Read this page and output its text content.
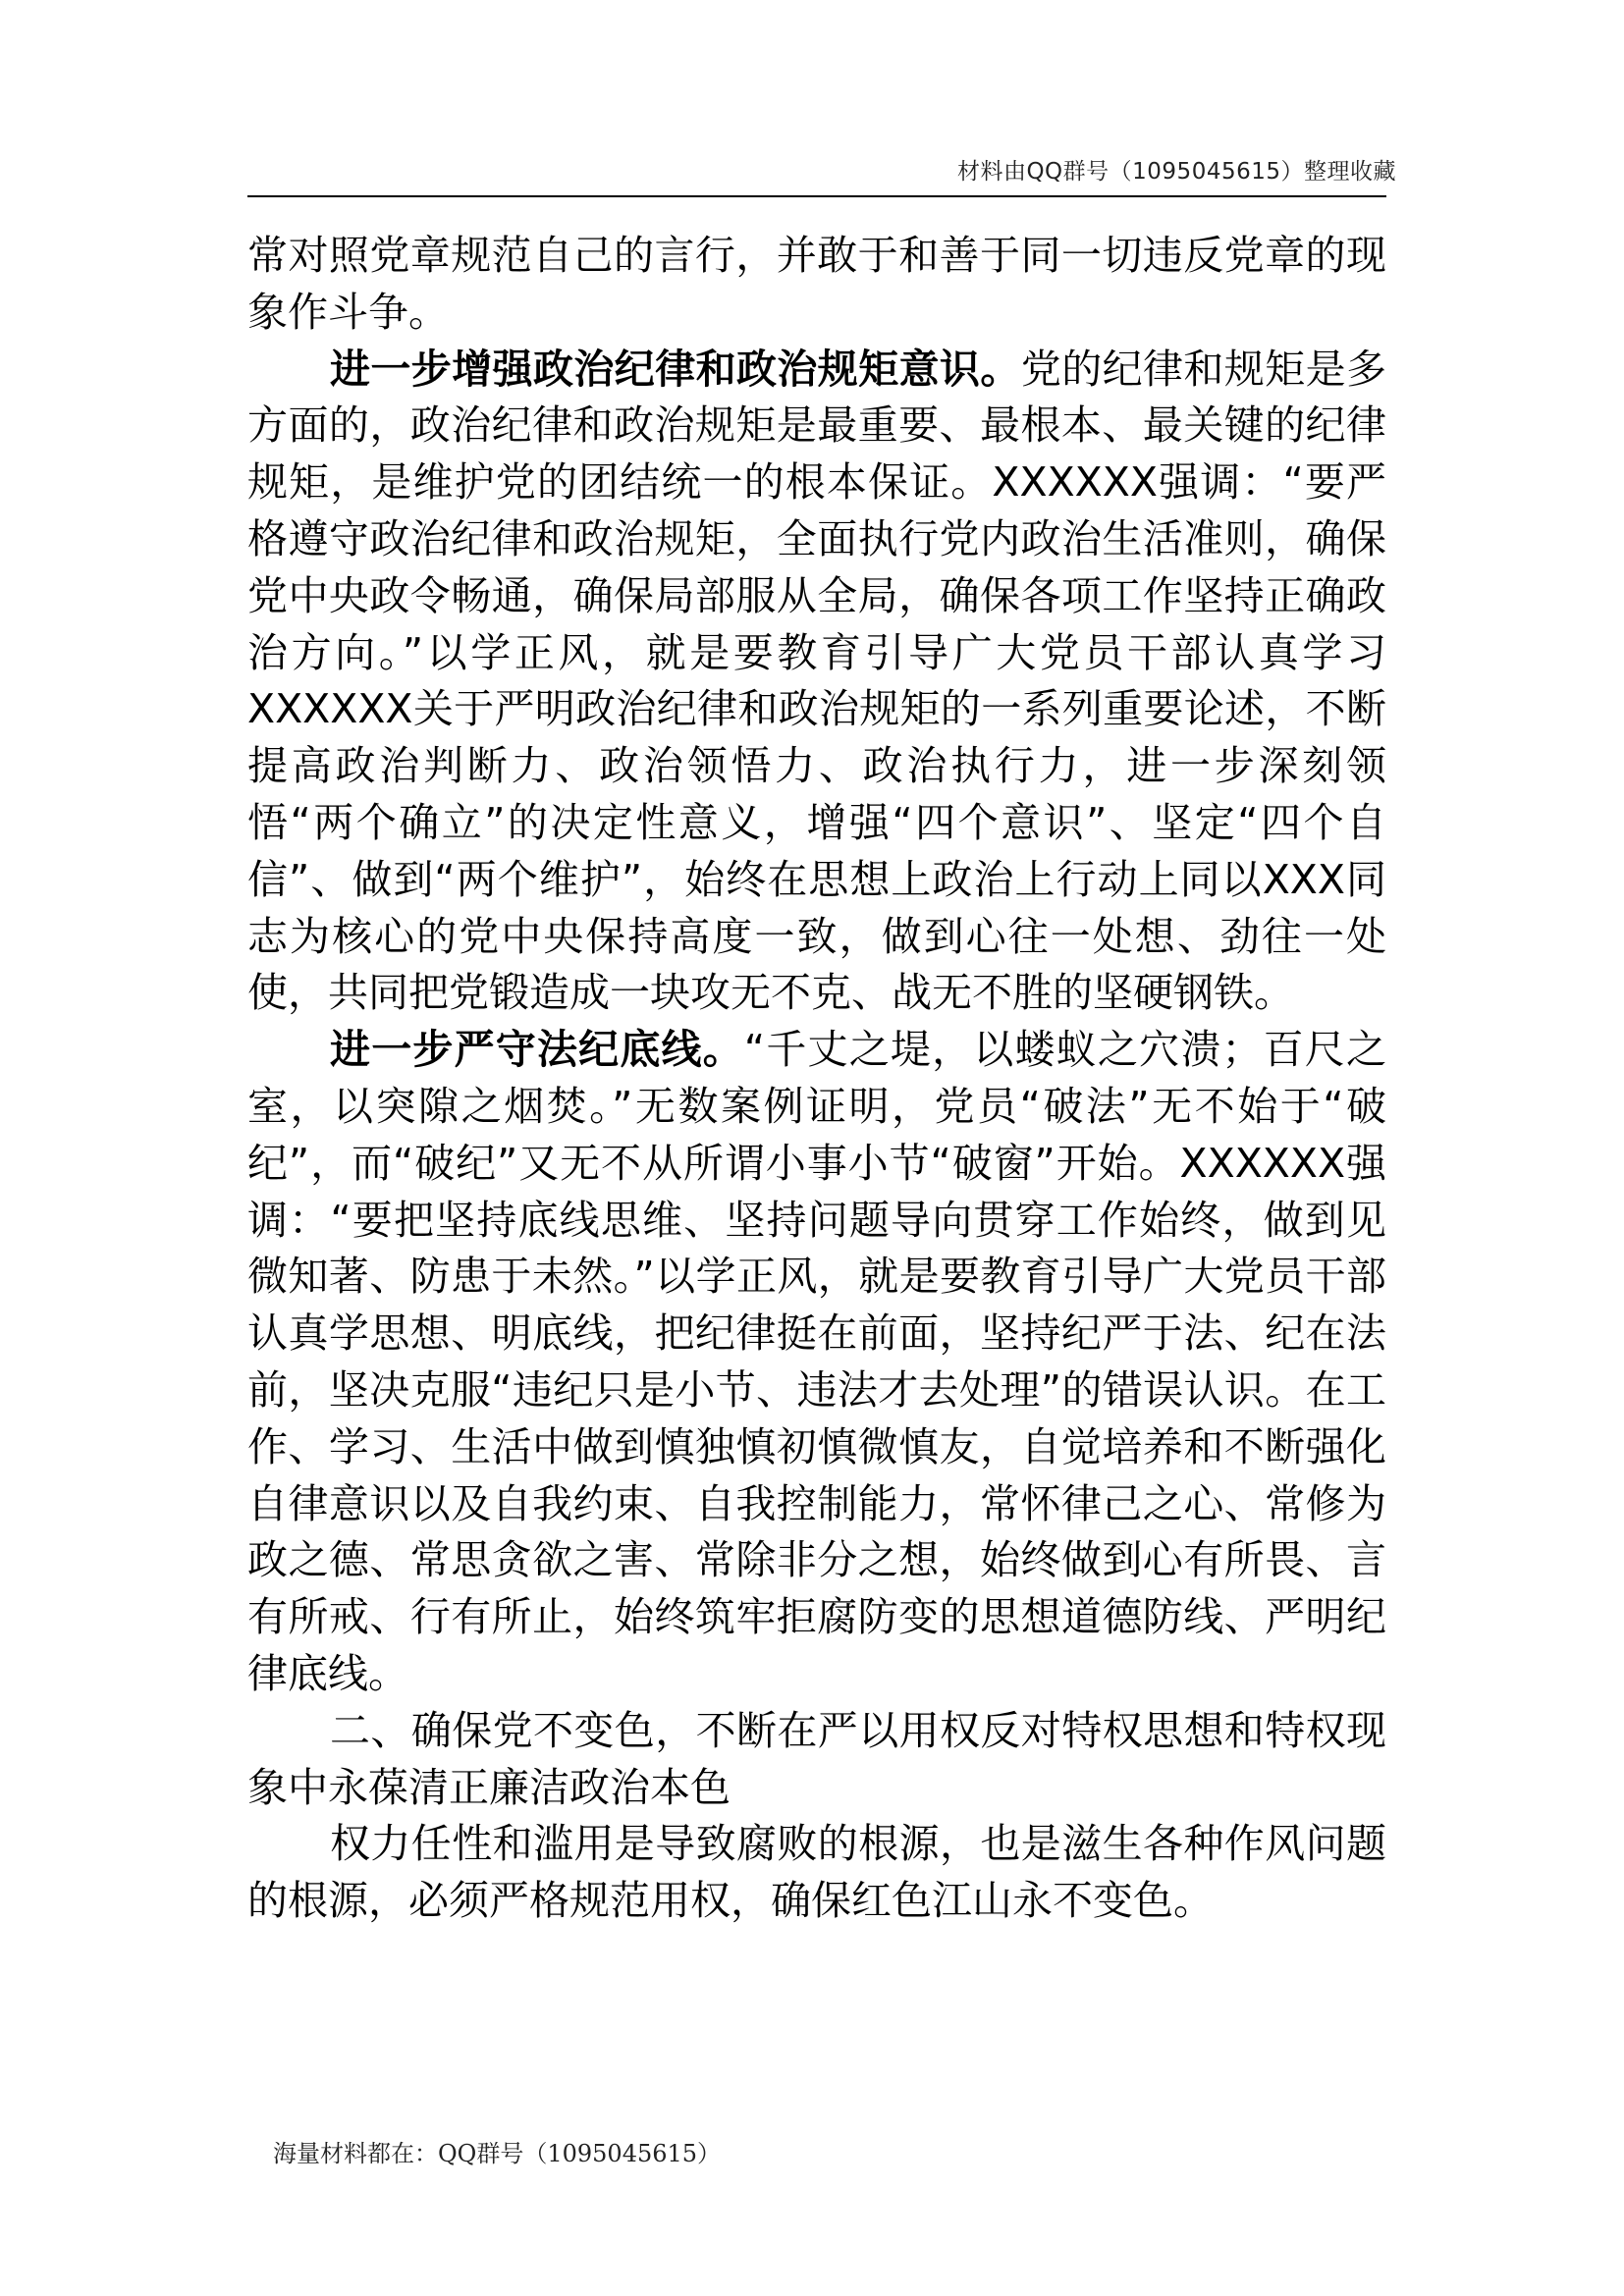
材料由QQ群号（1095045615）整理收藏

常对照党章规范自己的言行，并敢于和善于同一切违反党章的现象作斗争。

进一步增强政治纪律和政治规矩意识。党的纪律和规矩是多方面的，政治纪律和政治规矩是最重要、最根本、最关键的纪律规矩，是维护党的团结统一的根本保证。XXXXXX强调：“要严格遵守政治纪律和政治规矩，全面执行党内政治生活准则，确保党中央政令畅通，确保局部服从全局，确保各项工作坚持正确政治方向。”以学正风，就是要教育引导广大党员干部认真学习XXXXXX关于严明政治纪律和政治规矩的一系列重要论述，不断提高政治判断力、政治领悟力、政治执行力，进一步深刻领悟“两个确立”的决定性意义，增强“四个意识”、坚定“四个自信”、做到“两个维护”，始终在思想上政治上行动上同以XXX同志为核心的党中央保持高度一致，做到心往一处想、劲往一处使，共同把党锻造成一块攻无不克、战无不胜的坚硬钢铁。

进一步严守法纪底线。“千丈之堤，以蝼蚁之穴溃；百尺之室，以突隙之烟焚。”无数案例证明，党员“破法”无不始于“破纪”，而“破纪”又无不从所谓小事小节“破窗”开始。XXXXXX强调：“要把坚持底线思维、坚持问题导向贯穿工作始终，做到见微知著、防患于未然。”以学正风，就是要教育引导广大党员干部认真学思想、明底线，把纪律挺在前面，坚持纪严于法、纪在法前，坚决克服“违纪只是小节、违法才去处理”的错误认识。在工作、学习、生活中做到慎独慎初慎微慎友，自觉培养和不断强化自律意识以及自我约束、自我控制能力，常怀律己之心、常修为政之德、常思贪欲之害、常除非分之想，始终做到心有所畏、言有所戒、行有所止，始终筑牢拒腐防变的思想道德防线、严明纪律底线。

二、确保党不变色，不断在严以用权反对特权思想和特权现象中永葆清正廉洁政治本色

权力任性和滥用是导致腐败的根源，也是滋生各种作风问题的根源，必须严格规范用权，确保红色江山永不变色。

海量材料都在：QQ群号（1095045615）
